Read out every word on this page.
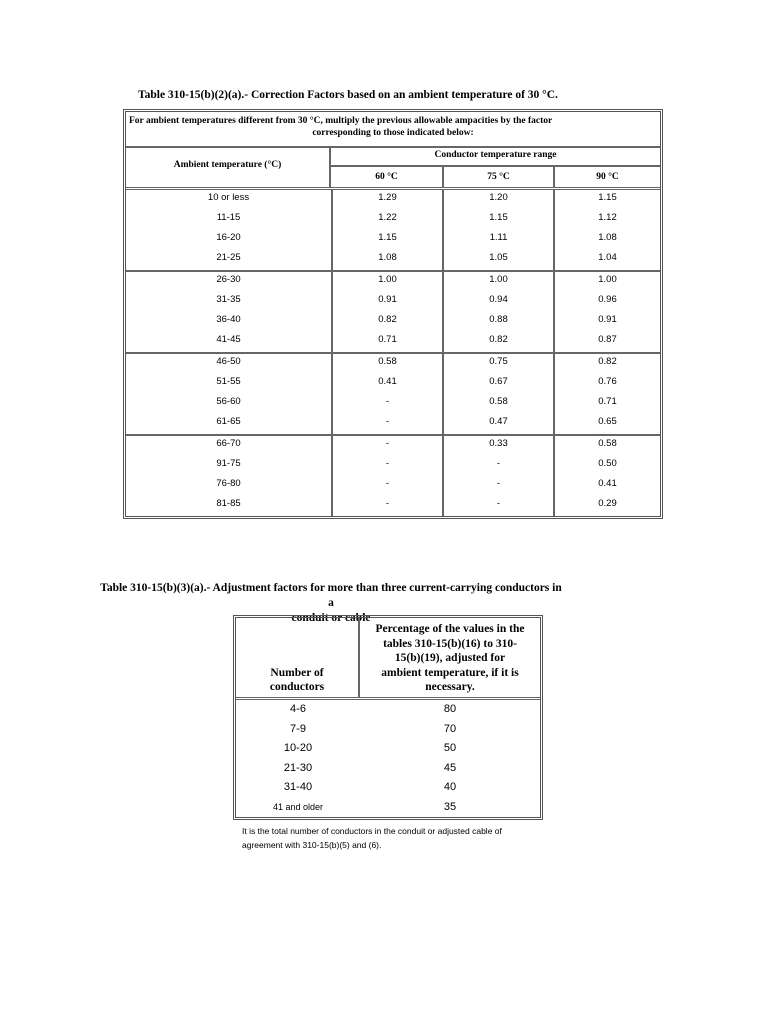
Table 310-15(b)(2)(a).- Correction Factors based on an ambient temperature of 30 °C.
For ambient temperatures different from 30 °C, multiply the previous allowable ampacities by the factor
corresponding to those indicated below:
Ambient temperature (°C)
Conductor temperature range
60 °C	75 °C	90 °C
10 or less	1.29	1.20	1.15
11-15	1.22	1.15	1.12
16-20	1.15	1.11	1.08
21-25	1.08	1.05	1.04
26-30	1.00	1.00	1.00
31-35	0.91	0.94	0.96
36-40	0.82	0.88	0.91
41-45	0.71	0.82	0.87
46-50	0.58	0.75	0.82
51-55	0.41	0.67	0.76
56-60	-	0.58	0.71
61-65	-	0.47	0.65
66-70	-	0.33	0.58
91-75	-	-	0.50
76-80	-	-	0.41
81-85	-	-	0.29
Table 310-15(b)(3)(a).- Adjustment factors for more than three current-carrying conductors in a
conduit or cable
Number of
conductors
Percentage of the values in the
tables 310-15(b)(16) to 310-
15(b)(19), adjusted for
ambient temperature, if it is
necessary.
4-6	80
7-9	70
10-20	50
21-30	45
31-40	40
41 and older	35
It is the total number of conductors in the conduit or adjusted cable of
agreement with 310-15(b)(5) and (6).
